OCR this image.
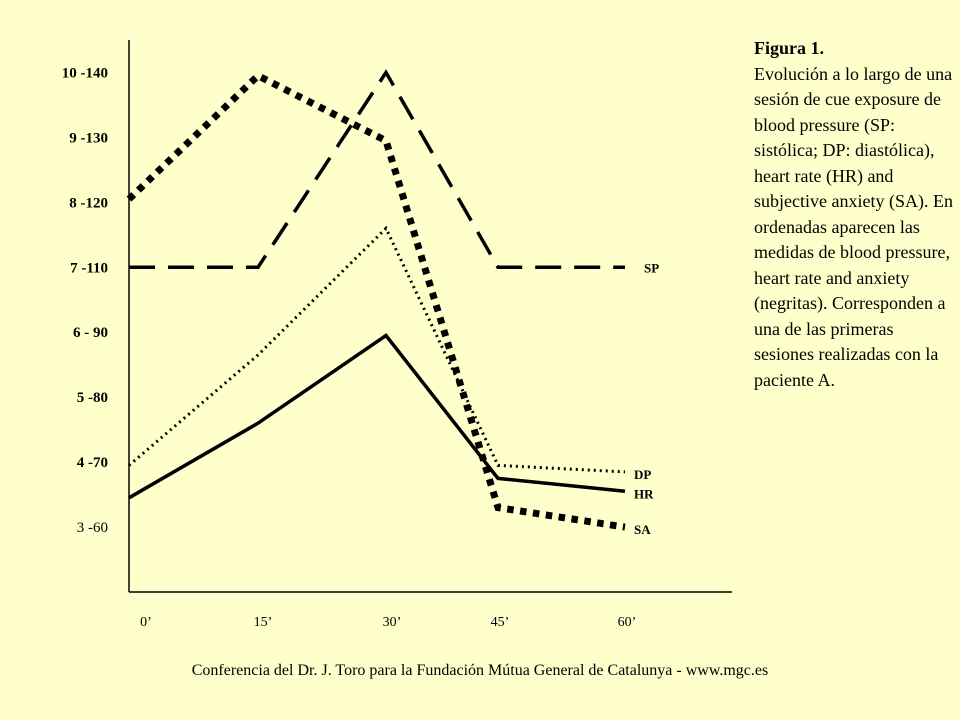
10 -140
9 -130
8 -120
7 -110
6 - 90
5 -80
4 -70
3 -60
0’	15’	30’	45’	60’
SP
DP
HR
SA
Figura 1.
Evolución a lo largo de una sesión de cue exposure de blood pressure (SP: sistólica; DP: diastólica), heart rate (HR) and subjective anxiety (SA). En ordenadas aparecen las medidas de blood pressure, heart rate and anxiety (negritas). Corresponden a una de las primeras sesiones realizadas con la paciente A.
Conferencia del Dr. J. Toro para la Fundación Mútua General de Catalunya - www.mgc.es
